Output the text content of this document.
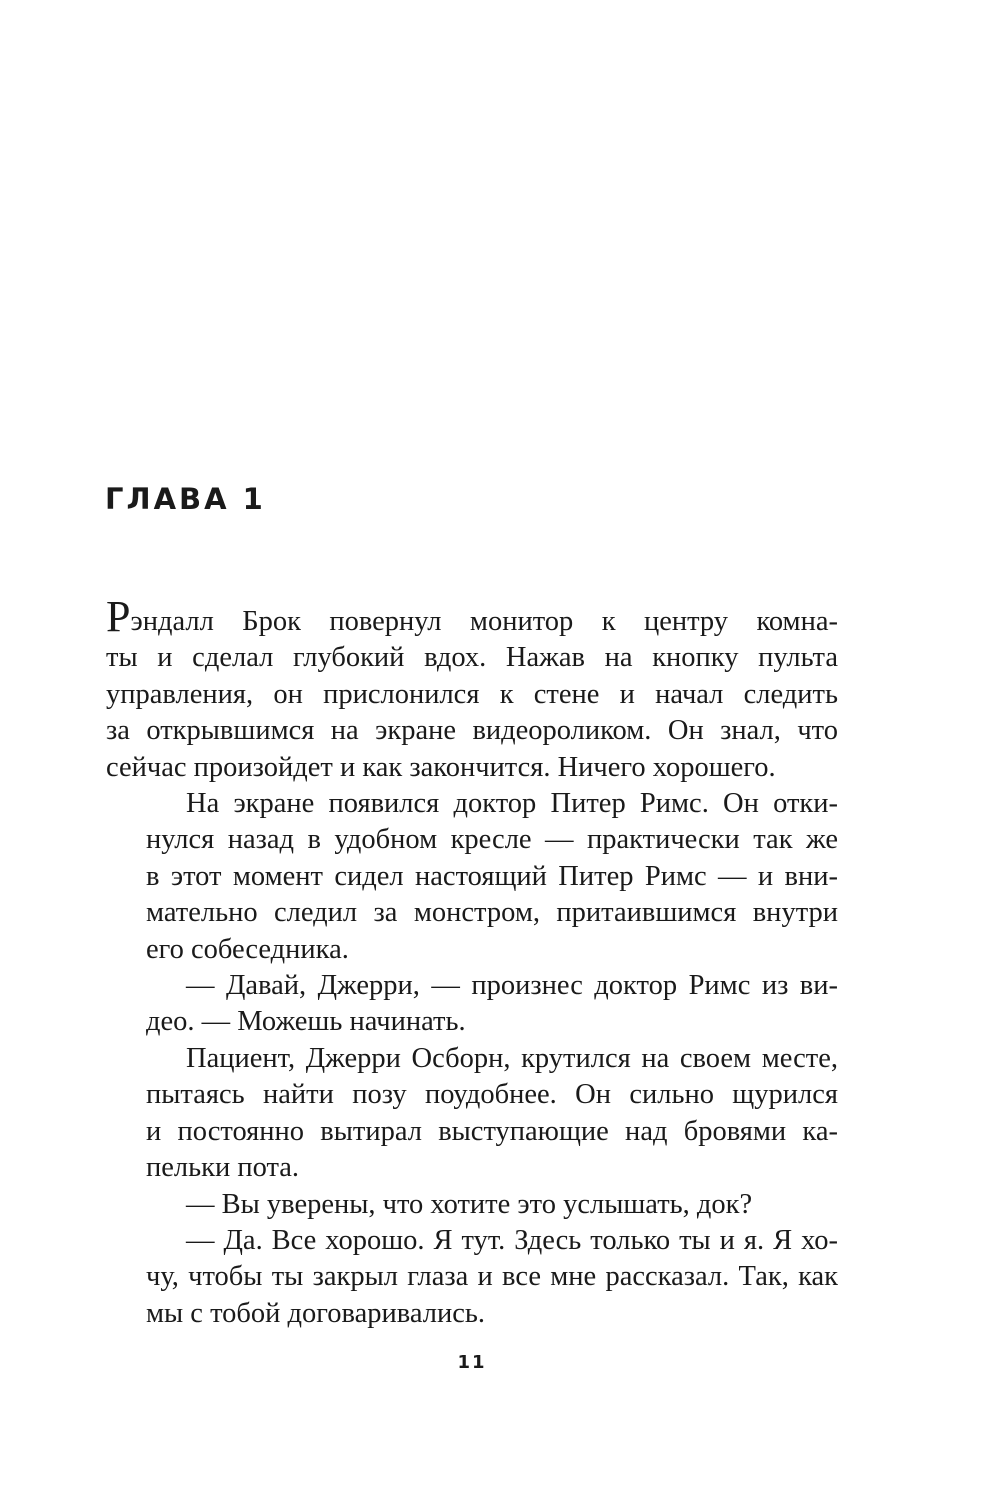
ГЛАВА 1
Рэндалл Брок повернул монитор к центру комна-
ты и сделал глубокий вдох. Нажав на кнопку пульта
управления, он прислонился к стене и начал следить
за открывшимся на экране видеороликом. Он знал, что
сейчас произойдет и как закончится. Ничего хорошего.
На экране появился доктор Питер Римс. Он отки-
нулся назад в удобном кресле — практически так же
в этот момент сидел настоящий Питер Римс — и вни-
мательно следил за монстром, притаившимся внутри
его собеседника.
— Давай, Джерри, — произнес доктор Римс из ви-
део. — Можешь начинать.
Пациент, Джерри Осборн, крутился на своем месте,
пытаясь найти позу поудобнее. Он сильно щурился
и постоянно вытирал выступающие над бровями ка-
пельки пота.
— Вы уверены, что хотите это услышать, док?
— Да. Все хорошо. Я тут. Здесь только ты и я. Я хо-
чу, чтобы ты закрыл глаза и все мне рассказал. Так, как
мы с тобой договаривались.
11
